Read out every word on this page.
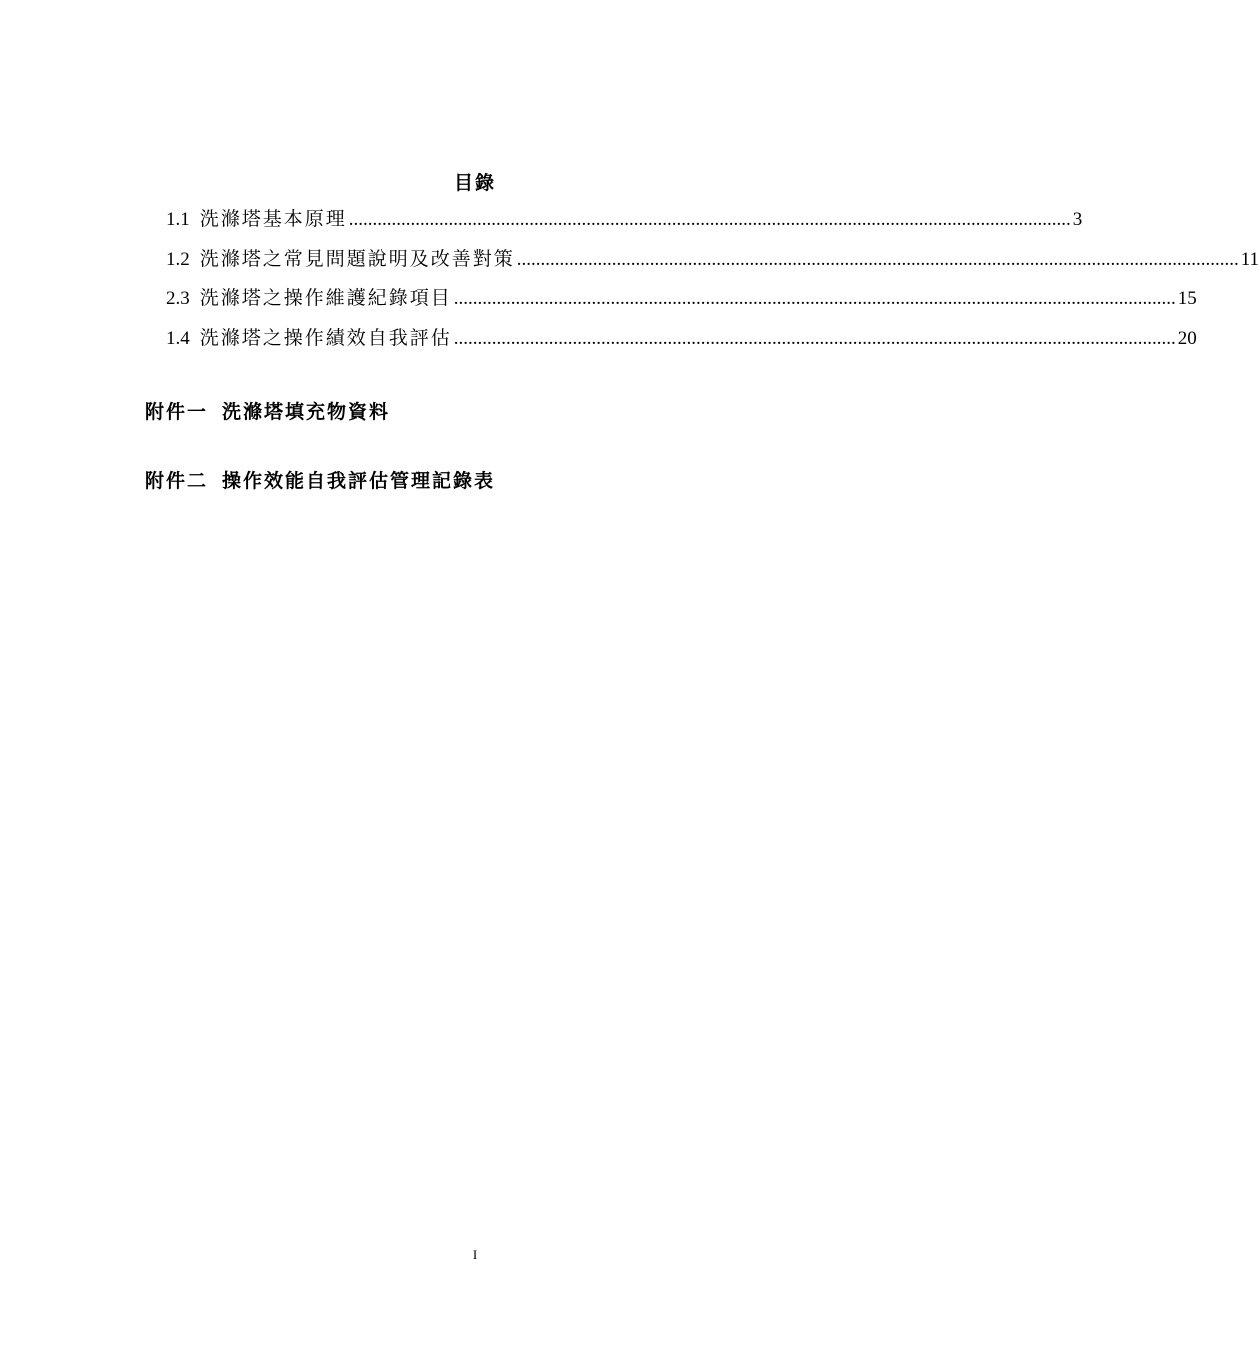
目錄
1.1 洗滌塔基本原理 ........................................................................................................................................................ 3
1.2 洗滌塔之常見問題說明及改善對策 ........................................................................................................................................................ 11
2.3 洗滌塔之操作維護紀錄項目 ........................................................................................................................................................ 15
1.4 洗滌塔之操作績效自我評估 ........................................................................................................................................................ 20
附件一 洗滌塔填充物資料
附件二 操作效能自我評估管理記錄表
I
